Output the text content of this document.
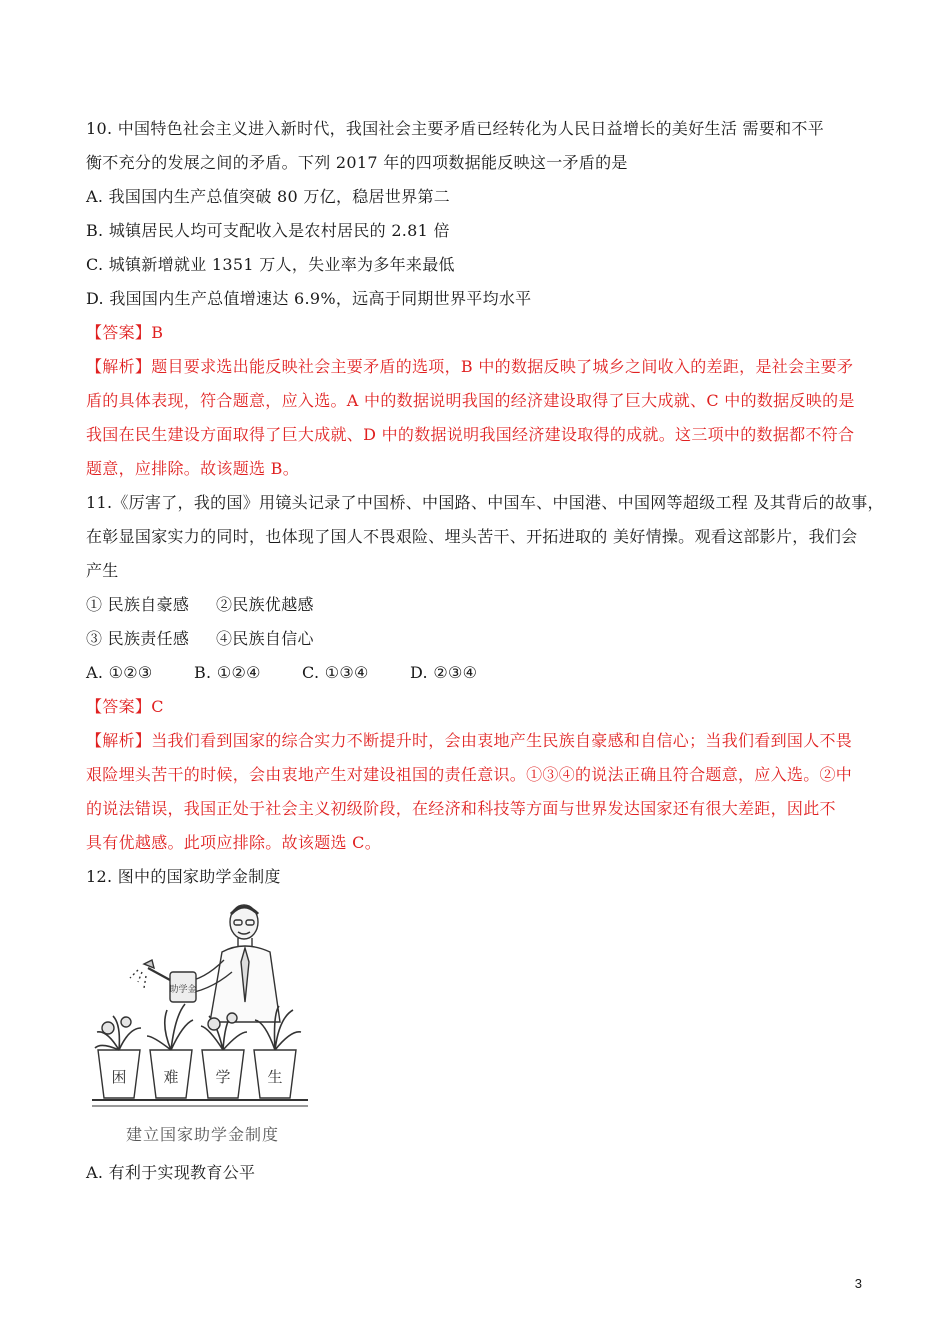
10. 中国特色社会主义进入新时代，我国社会主要矛盾已经转化为人民日益增长的美好生活 需要和不平
衡不充分的发展之间的矛盾。下列 2017 年的四项数据能反映这一矛盾的是
A. 我国国内生产总值突破 80 万亿，稳居世界第二
B. 城镇居民人均可支配收入是农村居民的 2.81 倍
C. 城镇新增就业 1351 万人，失业率为多年来最低
D. 我国国内生产总值增速达 6.9%，远高于同期世界平均水平
【答案】B
【解析】题目要求选出能反映社会主要矛盾的选项，B 中的数据反映了城乡之间收入的差距，是社会主要矛
盾的具体表现，符合题意，应入选。A 中的数据说明我国的经济建设取得了巨大成就、C 中的数据反映的是
我国在民生建设方面取得了巨大成就、D 中的数据说明我国经济建设取得的成就。这三项中的数据都不符合
题意，应排除。故该题选 B。
11.《厉害了，我的国》用镜头记录了中国桥、中国路、中国车、中国港、中国网等超级工程 及其背后的故事，
在彰显国家实力的同时，也体现了国人不畏艰险、埋头苦干、开拓进取的 美好情操。观看这部影片，我们会
产生
① 民族自豪感 ②民族优越感
③ 民族责任感 ④民族自信心
A. ①②③	B. ①②④	C. ①③④	D. ②③④
【答案】C
【解析】当我们看到国家的综合实力不断提升时，会由衷地产生民族自豪感和自信心；当我们看到国人不畏
艰险埋头苦干的时候，会由衷地产生对建设祖国的责任意识。①③④的说法正确且符合题意，应入选。②中
的说法错误，我国正处于社会主义初级阶段，在经济和科技等方面与世界发达国家还有很大差距，因此不
具有优越感。此项应排除。故该题选 C。
12. 图中的国家助学金制度
助学金
困 难 学 生
建立国家助学金制度
A. 有利于实现教育公平
3
